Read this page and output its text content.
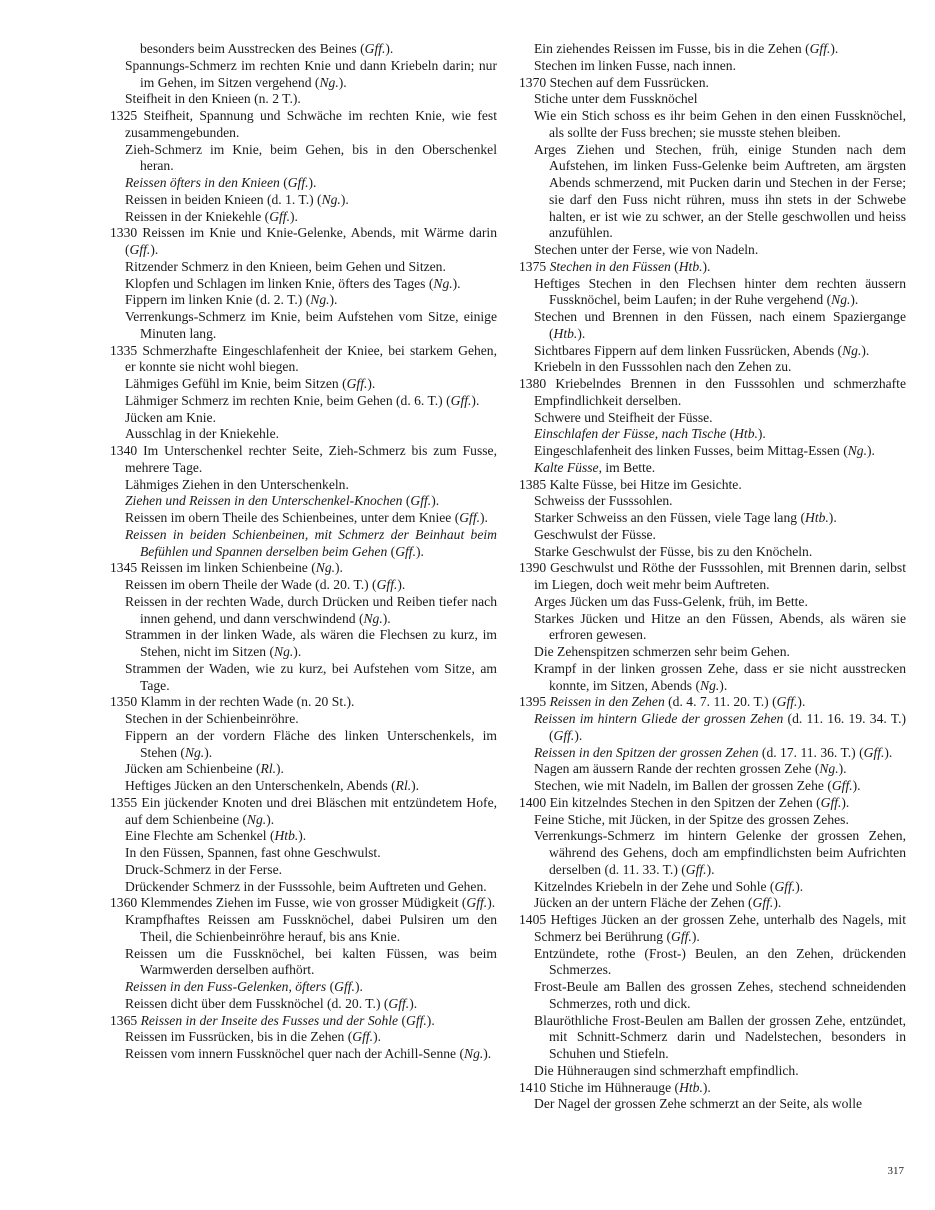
besonders beim Ausstrecken des Beines (Gff.).
Spannungs-Schmerz im rechten Knie und dann Kriebeln darin; nur im Gehen, im Sitzen vergehend (Ng.).
Steifheit in den Knieen (n. 2 T.).
1325 Steifheit, Spannung und Schwäche im rechten Knie, wie fest zusammengebunden.
Zieh-Schmerz im Knie, beim Gehen, bis in den Oberschenkel heran.
Reissen öfters in den Knieen (Gff.).
Reissen in beiden Knieen (d. 1. T.) (Ng.).
Reissen in der Kniekehle (Gff.).
1330 Reissen im Knie und Knie-Gelenke, Abends, mit Wärme darin (Gff.).
Ritzender Schmerz in den Knieen, beim Gehen und Sitzen.
Klopfen und Schlagen im linken Knie, öfters des Tages (Ng.).
Fippern im linken Knie (d. 2. T.) (Ng.).
Verrenkungs-Schmerz im Knie, beim Aufstehen vom Sitze, einige Minuten lang.
1335 Schmerzhafte Eingeschlafenheit der Kniee, bei starkem Gehen, er konnte sie nicht wohl biegen.
Lähmiges Gefühl im Knie, beim Sitzen (Gff.).
Lähmiger Schmerz im rechten Knie, beim Gehen (d. 6. T.) (Gff.).
Jücken am Knie.
Ausschlag in der Kniekehle.
1340 Im Unterschenkel rechter Seite, Zieh-Schmerz bis zum Fusse, mehrere Tage.
Lähmiges Ziehen in den Unterschenkeln.
Ziehen und Reissen in den Unterschenkel-Knochen (Gff.).
Reissen im obern Theile des Schienbeines, unter dem Kniee (Gff.).
Reissen in beiden Schienbeinen, mit Schmerz der Beinhaut beim Befühlen und Spannen derselben beim Gehen (Gff.).
1345 Reissen im linken Schienbeine (Ng.).
Reissen im obern Theile der Wade (d. 20. T.) (Gff.).
Reissen in der rechten Wade, durch Drücken und Reiben tiefer nach innen gehend, und dann verschwindend (Ng.).
Strammen in der linken Wade, als wären die Flechsen zu kurz, im Stehen, nicht im Sitzen (Ng.).
Strammen der Waden, wie zu kurz, bei Aufstehen vom Sitze, am Tage.
1350 Klamm in der rechten Wade (n. 20 St.).
Stechen in der Schienbeinröhre.
Fippern an der vordern Fläche des linken Unterschenkels, im Stehen (Ng.).
Jücken am Schienbeine (Rl.).
Heftiges Jücken an den Unterschenkeln, Abends (Rl.).
1355 Ein jückender Knoten und drei Bläschen mit entzündetem Hofe, auf dem Schienbeine (Ng.).
Eine Flechte am Schenkel (Htb.).
In den Füssen, Spannen, fast ohne Geschwulst.
Druck-Schmerz in der Ferse.
Drückender Schmerz in der Fusssohle, beim Auftreten und Gehen.
1360 Klemmendes Ziehen im Fusse, wie von grosser Müdigkeit (Gff.).
Krampfhaftes Reissen am Fussknöchel, dabei Pulsiren um den Theil, die Schienbeinröhre herauf, bis ans Knie.
Reissen um die Fussknöchel, bei kalten Füssen, was beim Warmwerden derselben aufhört.
Reissen in den Fuss-Gelenken, öfters (Gff.).
Reissen dicht über dem Fussknöchel (d. 20. T.) (Gff.).
1365 Reissen in der Inseite des Fusses und der Sohle (Gff.).
Reissen im Fussrücken, bis in die Zehen (Gff.).
Reissen vom innern Fussknöchel quer nach der Achill-Senne (Ng.).
Ein ziehendes Reissen im Fusse, bis in die Zehen (Gff.).
Stechen im linken Fusse, nach innen.
1370 Stechen auf dem Fussrücken.
Stiche unter dem Fussknöchel
Wie ein Stich schoss es ihr beim Gehen in den einen Fussknöchel, als sollte der Fuss brechen; sie musste stehen bleiben.
Arges Ziehen und Stechen, früh, einige Stunden nach dem Aufstehen, im linken Fuss-Gelenke beim Auftreten, am ärgsten Abends schmerzend, mit Pucken darin und Stechen in der Ferse; sie darf den Fuss nicht rühren, muss ihn stets in der Schwebe halten, er ist wie zu schwer, an der Stelle geschwollen und heiss anzufühlen.
Stechen unter der Ferse, wie von Nadeln.
1375 Stechen in den Füssen (Htb.).
Heftiges Stechen in den Flechsen hinter dem rechten äussern Fussknöchel, beim Laufen; in der Ruhe vergehend (Ng.).
Stechen und Brennen in den Füssen, nach einem Spaziergange (Htb.).
Sichtbares Fippern auf dem linken Fussrücken, Abends (Ng.).
Kriebeln in den Fusssohlen nach den Zehen zu.
1380 Kriebelndes Brennen in den Fusssohlen und schmerzhafte Empfindlichkeit derselben.
Schwere und Steifheit der Füsse.
Einschlafen der Füsse, nach Tische (Htb.).
Eingeschlafenheit des linken Fusses, beim Mittag-Essen (Ng.).
Kalte Füsse, im Bette.
1385 Kalte Füsse, bei Hitze im Gesichte.
Schweiss der Fusssohlen.
Starker Schweiss an den Füssen, viele Tage lang (Htb.).
Geschwulst der Füsse.
Starke Geschwulst der Füsse, bis zu den Knöcheln.
1390 Geschwulst und Röthe der Fusssohlen, mit Brennen darin, selbst im Liegen, doch weit mehr beim Auftreten.
Arges Jücken um das Fuss-Gelenk, früh, im Bette.
Starkes Jücken und Hitze an den Füssen, Abends, als wären sie erfroren gewesen.
Die Zehenspitzen schmerzen sehr beim Gehen.
Krampf in der linken grossen Zehe, dass er sie nicht ausstrecken konnte, im Sitzen, Abends (Ng.).
1395 Reissen in den Zehen (d. 4. 7. 11. 20. T.) (Gff.).
Reissen im hintern Gliede der grossen Zehen (d. 11. 16. 19. 34. T.) (Gff.).
Reissen in den Spitzen der grossen Zehen (d. 17. 11. 36. T.) (Gff.).
Nagen am äussern Rande der rechten grossen Zehe (Ng.).
Stechen, wie mit Nadeln, im Ballen der grossen Zehe (Gff.).
1400 Ein kitzelndes Stechen in den Spitzen der Zehen (Gff.).
Feine Stiche, mit Jücken, in der Spitze des grossen Zehes.
Verrenkungs-Schmerz im hintern Gelenke der grossen Zehen, während des Gehens, doch am empfindlichsten beim Aufrichten derselben (d. 11. 33. T.) (Gff.).
Kitzelndes Kriebeln in der Zehe und Sohle (Gff.).
Jücken an der untern Fläche der Zehen (Gff.).
1405 Heftiges Jücken an der grossen Zehe, unterhalb des Nagels, mit Schmerz bei Berührung (Gff.).
Entzündete, rothe (Frost-) Beulen, an den Zehen, drückenden Schmerzes.
Frost-Beule am Ballen des grossen Zehes, stechend schneidenden Schmerzes, roth und dick.
Blauröthliche Frost-Beulen am Ballen der grossen Zehe, entzündet, mit Schnitt-Schmerz darin und Nadelstechen, besonders in Schuhen und Stiefeln.
Die Hühneraugen sind schmerzhaft empfindlich.
1410 Stiche im Hühnerauge (Htb.).
Der Nagel der grossen Zehe schmerzt an der Seite, als wolle
317
